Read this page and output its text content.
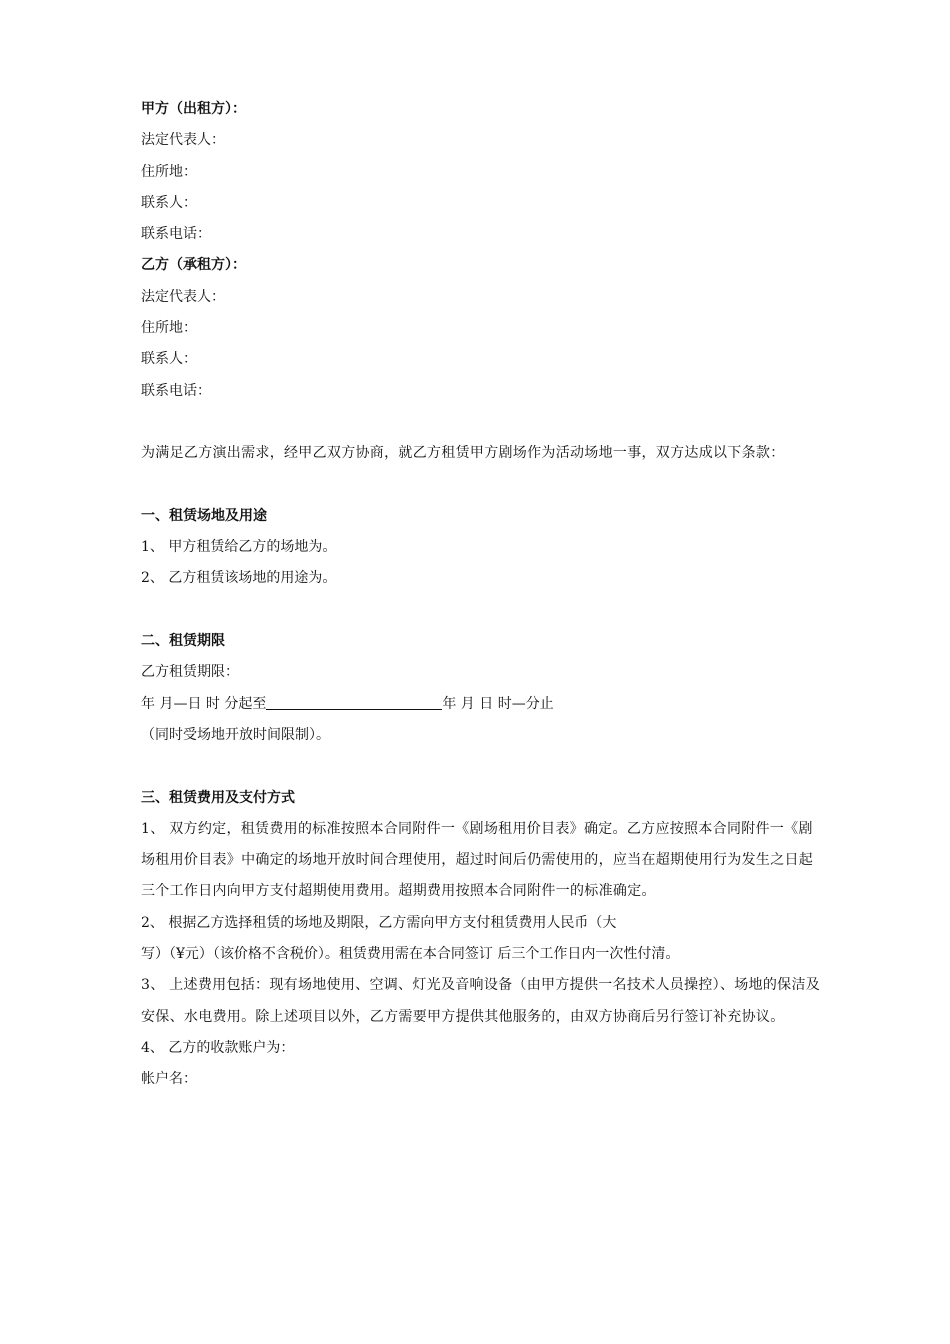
甲方（出租方）：
法定代表人：
住所地：
联系人：
联系电话：
乙方（承租方）：
法定代表人：
住所地：
联系人：
联系电话：
为满足乙方演出需求，经甲乙双方协商，就乙方租赁甲方剧场作为活动场地一事，双方达成以下条款：
一、租赁场地及用途
1、 甲方租赁给乙方的场地为。
2、 乙方租赁该场地的用途为。
二、租赁期限
乙方租赁期限：
年 月—日 时 分起至	年 月 日 时—分止
（同时受场地开放时间限制）。
三、租赁费用及支付方式
1、 双方约定，租赁费用的标准按照本合同附件一《剧场租用价目表》确定。乙方应按照本合同附件一《剧场租用价目表》中确定的场地开放时间合理使用，超过时间后仍需使用的，应当在超期使用行为发生之日起三个工作日内向甲方支付超期使用费用。超期费用按照本合同附件一的标准确定。
2、 根据乙方选择租赁的场地及期限，乙方需向甲方支付租赁费用人民币（大
写）（¥元）（该价格不含税价）。租赁费用需在本合同签订 后三个工作日内一次性付清。
3、 上述费用包括：现有场地使用、空调、灯光及音响设备（由甲方提供一名技术人员操控）、场地的保洁及安保、水电费用。除上述项目以外，乙方需要甲方提供其他服务的，由双方协商后另行签订补充协议。
4、 乙方的收款账户为：
帐户名：
